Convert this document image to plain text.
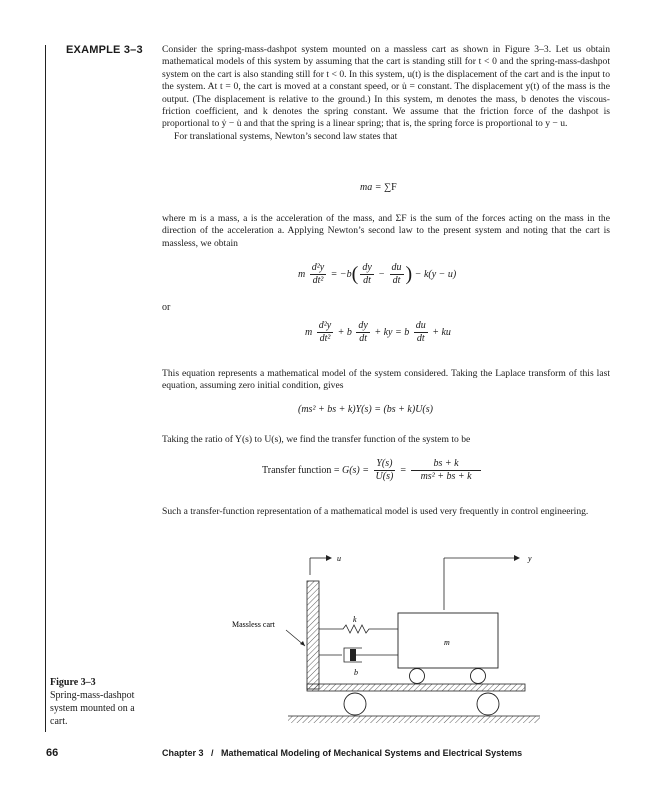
EXAMPLE 3–3 Consider the spring-mass-dashpot system mounted on a massless cart as shown in Figure 3–3. Let us obtain mathematical models of this system by assuming that the cart is standing still for t < 0 and the spring-mass-dashpot system on the cart is also standing still for t < 0. In this system, u(t) is the displacement of the cart and is the input to the system. At t = 0, the cart is moved at a constant speed, or u̇ = constant. The displacement y(t) of the mass is the output. (The displacement is relative to the ground.) In this system, m denotes the mass, b denotes the viscous-friction coefficient, and k denotes the spring constant. We assume that the friction force of the dashpot is proportional to ẏ − u̇ and that the spring is a linear spring; that is, the spring force is proportional to y − u.

For translational systems, Newton’s second law states that

ma = ∑F

where m is a mass, a is the acceleration of the mass, and ΣF is the sum of the forces acting on the mass in the direction of the acceleration a. Applying Newton’s second law to the present system and noting that the cart is massless, we obtain

m $\frac{\text{d²y}}{\text{dt²}} = -b( \frac{dy}{dt} - \frac{du}{dt}$ ) − k(y − u)
or
m $\frac{\text{d²y}}{\text{dt²}} + b \frac{dy}{dt}$ + ky = b $\frac{du}{dt}$ + ku

This equation represents a mathematical model of the system considered. Taking the Laplace transform of this last equation, assuming zero initial condition, gives

(ms² + bs + k)Y(s) = (bs + k)U(s)

Taking the ratio of Y(s) to U(s), we find the transfer function of the system to be

Transfer function = $G(s) = \frac{Y(s)}{U(s)} = \frac{bs + k}{\text{ms² + bs + k}}$

Such a transfer-function representation of a mathematical model is used very frequently in control engineering.

u	y
k
b
m
Massless cart
Figure 3–3
Spring-mass-dashpot system mounted on a cart.
66	Chapter 3   /   Mathematical Modeling of Mechanical Systems and Electrical Systems
